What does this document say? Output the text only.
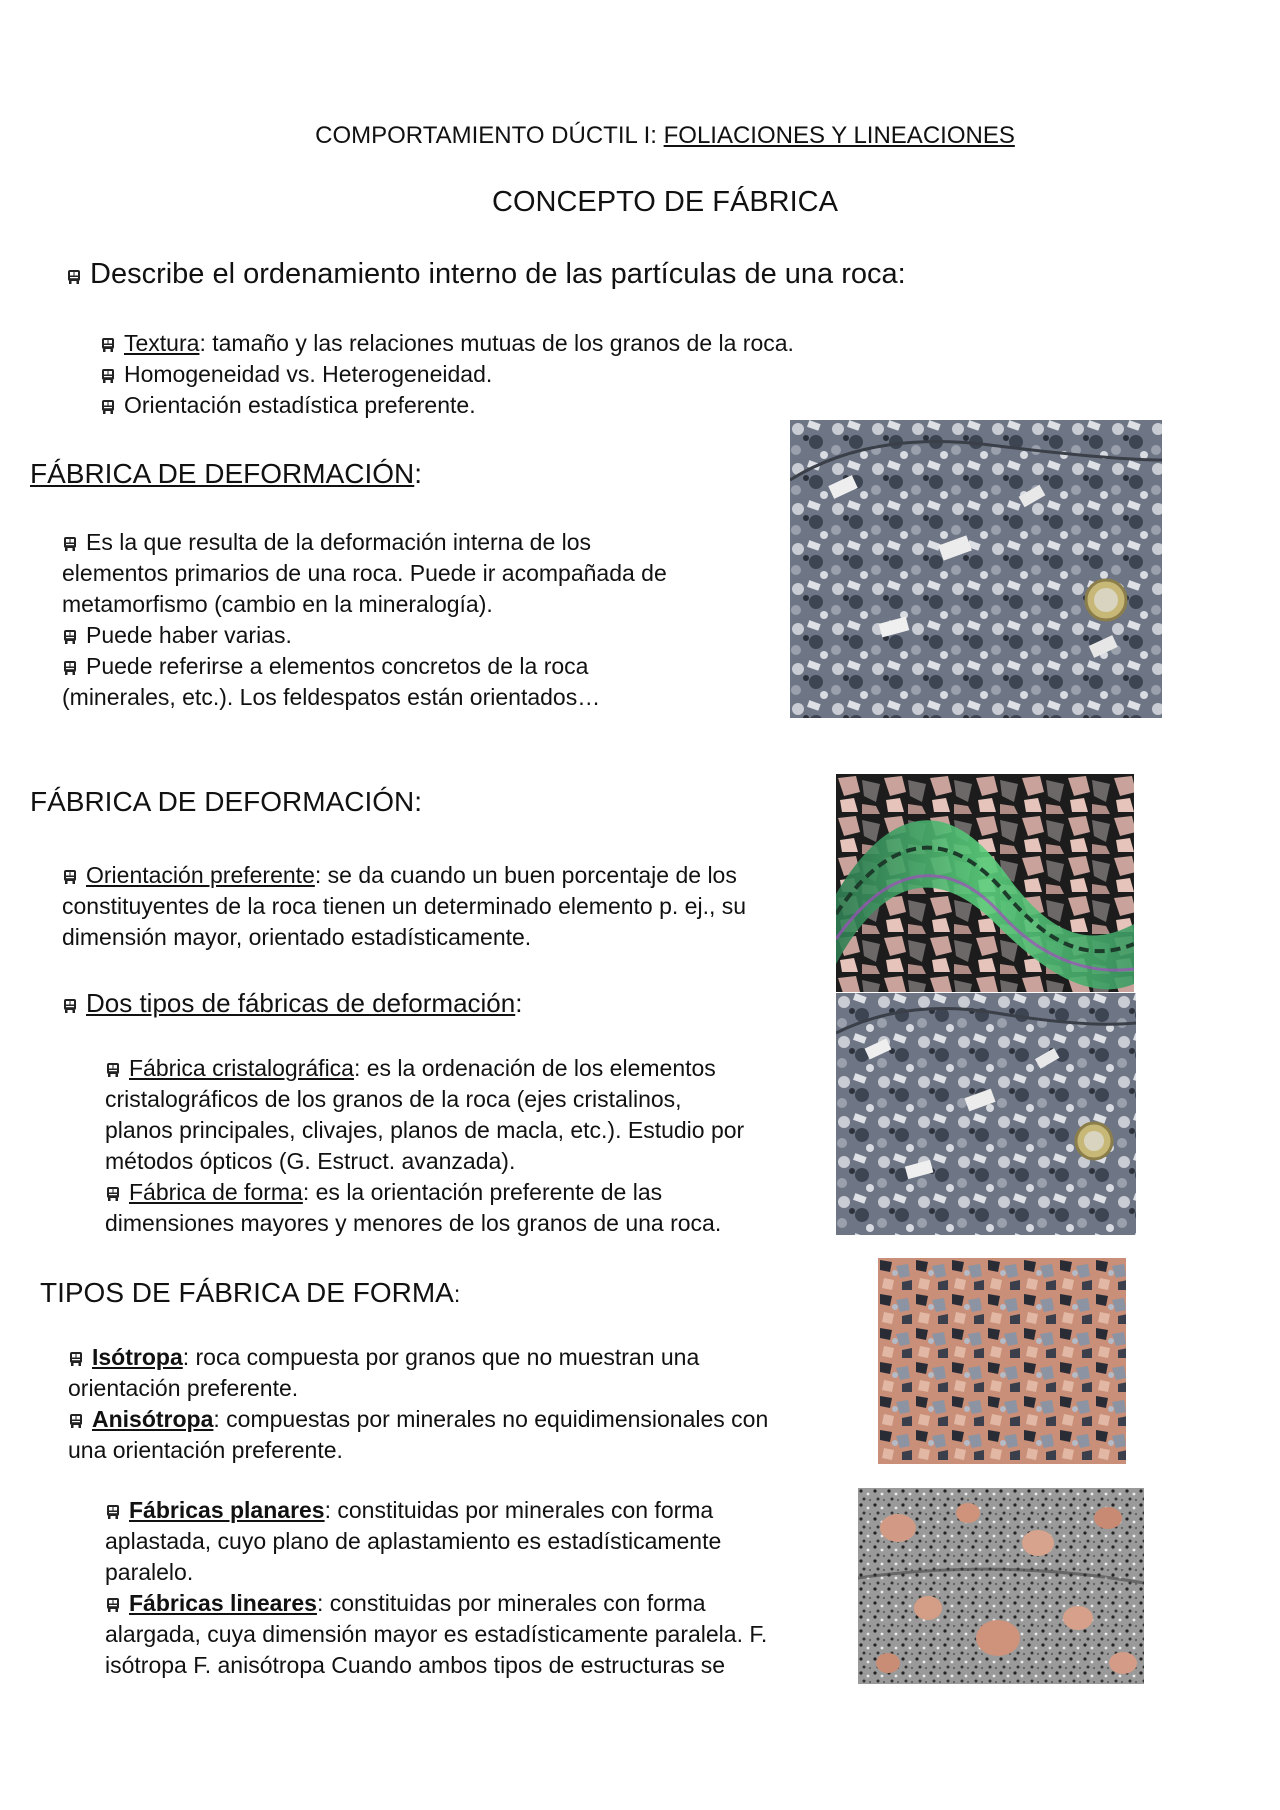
COMPORTAMIENTO DÚCTIL I: FOLIACIONES Y LINEACIONES
CONCEPTO DE FÁBRICA
Describe el ordenamiento interno de las partículas de una roca:
Textura: tamaño y las relaciones mutuas de los granos de la roca.
Homogeneidad vs. Heterogeneidad.
Orientación estadística preferente.
FÁBRICA DE DEFORMACIÓN:
Es la que resulta de la deformación interna de los
elementos primarios de una roca. Puede ir acompañada de
metamorfismo (cambio en la mineralogía).
Puede haber varias.
Puede referirse a elementos concretos de la roca
(minerales, etc.). Los feldespatos están orientados…
FÁBRICA DE DEFORMACIÓN:
Orientación preferente: se da cuando un buen porcentaje de los
constituyentes de la roca tienen un determinado elemento p. ej., su
dimensión mayor, orientado estadísticamente.
Dos tipos de fábricas de deformación:
Fábrica cristalográfica: es la ordenación de los elementos
cristalográficos de los granos de la roca (ejes cristalinos,
planos principales, clivajes, planos de macla, etc.). Estudio por
métodos ópticos (G. Estruct. avanzada).
Fábrica de forma: es la orientación preferente de las
dimensiones mayores y menores de los granos de una roca.
TIPOS DE FÁBRICA DE FORMA:
Isótropa: roca compuesta por granos que no muestran una
orientación preferente.
Anisótropa: compuestas por minerales no equidimensionales con
una orientación preferente.
Fábricas planares: constituidas por minerales con forma
aplastada, cuyo plano de aplastamiento es estadísticamente
paralelo.
Fábricas lineares: constituidas por minerales con forma
alargada, cuya dimensión mayor es estadísticamente paralela. F.
isótropa F. anisótropa Cuando ambos tipos de estructuras se
